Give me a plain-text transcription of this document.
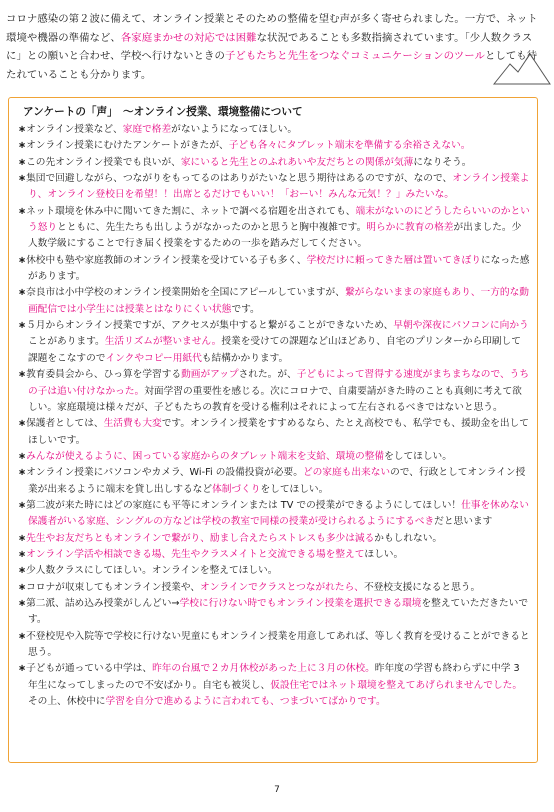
コロナ感染の第２波に備えて、オンライン授業とそのための整備を望む声が多く寄せられました。一方で、ネット環境や機器の準備など、各家庭まかせの対応では困難な状況であることも多数指摘されています。「少人数クラスに」との願いと合わせ、学校へ行けないときの子どもたちと先生をつなぐコミュニケーションのツールとしても待たれていることも分かります。
アンケートの「声」　～オンライン授業、環境整備について
∗オンライン授業など、家庭で格差がないようになってほしい。
∗オンライン授業にむけたアンケートがきたが、子ども各々にタブレット端末を準備する余裕さえない。
∗この先オンライン授業でも良いが、家にいると先生とのふれあいや友だちとの関係が気薄になりそう。
∗集団で回避しながら、つながりをもってるのはありがたいなと思う期待はあるのですが、なので、オンライン授業より、オンライン登校日を希望！！出席とるだけでもいい！「おーい！みんな元気！？」みたいな。
∗ネット環境を休み中に聞いてきた割に、ネットで調べる宿題を出されても、端末がないのにどうしたらいいのかという怒りとともに、先生たちも出しようがなかったのかと思うと胸中複雑です。明らかに教育の格差が出ました。少人数学級にすることで行き届く授業をするための一歩を踏みだしてください。
∗休校中も塾や家庭教師のオンライン授業を受けている子も多く、学校だけに頼ってきた層は置いてきぼりになった感があります。
∗奈良市は小中学校のオンライン授業開始を全国にアピールしていますが、繋がらないままの家庭もあり、一方的な動画配信では小学生には授業とはなりにくい状態です。
∗５月からオンライン授業ですが、アクセスが集中すると繋がることができないため、早朝や深夜にパソコンに向かうことがあります。生活リズムが整いません。授業を受けての課題など山ほどあり、自宅のプリンターから印刷して課題をこなすのでインクやコピー用紙代も結構かかります。
∗教育委員会から、ひっ算を学習する動画がアップされた。が、子どもによって習得する速度がまちまちなので、うちの子は追い付けなかった。対面学習の重要性を感じる。次にコロナで、自粛要請がきた時のことも真剣に考えて欲しい。家庭環境は様々だが、子どもたちの教育を受ける権利はそれによって左右されるべきではないと思う。
∗保護者としては、生活費も大変です。オンライン授業をすすめるなら、たとえ高校でも、私学でも、援助金を出してほしいです。
∗みんなが使えるように、困っている家庭からのタブレット端末を支給、環境の整備をしてほしい。
∗オンライン授業にパソコンやカメラ、Wi-Fi の設備投資が必要。どの家庭も出来ないので、行政としてオンライン授業が出来るように端末を貸し出しするなど体制づくりをしてほしい。
∗第二波が来た時にはどの家庭にも平等にオンラインまたは TV での授業ができるようにしてほしい！仕事を休めない保護者がいる家庭、シングルの方などは学校の教室で同様の授業が受けられるようにするべきだと思います
∗先生やお友だちともオンラインで繋がり、励まし合えたらストレスも多少は減るかもしれない。
∗オンライン学活や相談できる場、先生やクラスメイトと交流できる場を整えてほしい。
∗少人数クラスにしてほしい。オンラインを整えてほしい。
∗コロナが収束してもオンライン授業や、オンラインでクラスとつながれたら、不登校支援になると思う。
∗第二派、詰め込み授業がしんどい→学校に行けない時でもオンライン授業を選択できる環境を整えていただきたいです。
∗不登校児や入院等で学校に行けない児童にもオンライン授業を用意してあれば、等しく教育を受けることができると思う。
∗子どもが通っている中学は、昨年の台風で２カ月休校があった上に３月の休校。昨年度の学習も終わらずに中学 3 年生になってしまったので不安ばかり。自宅も被災し、仮設住宅ではネット環境を整えてあげられませんでした。その上、休校中に学習を自分で進めるように言われても、つまづいてばかりです。
7
